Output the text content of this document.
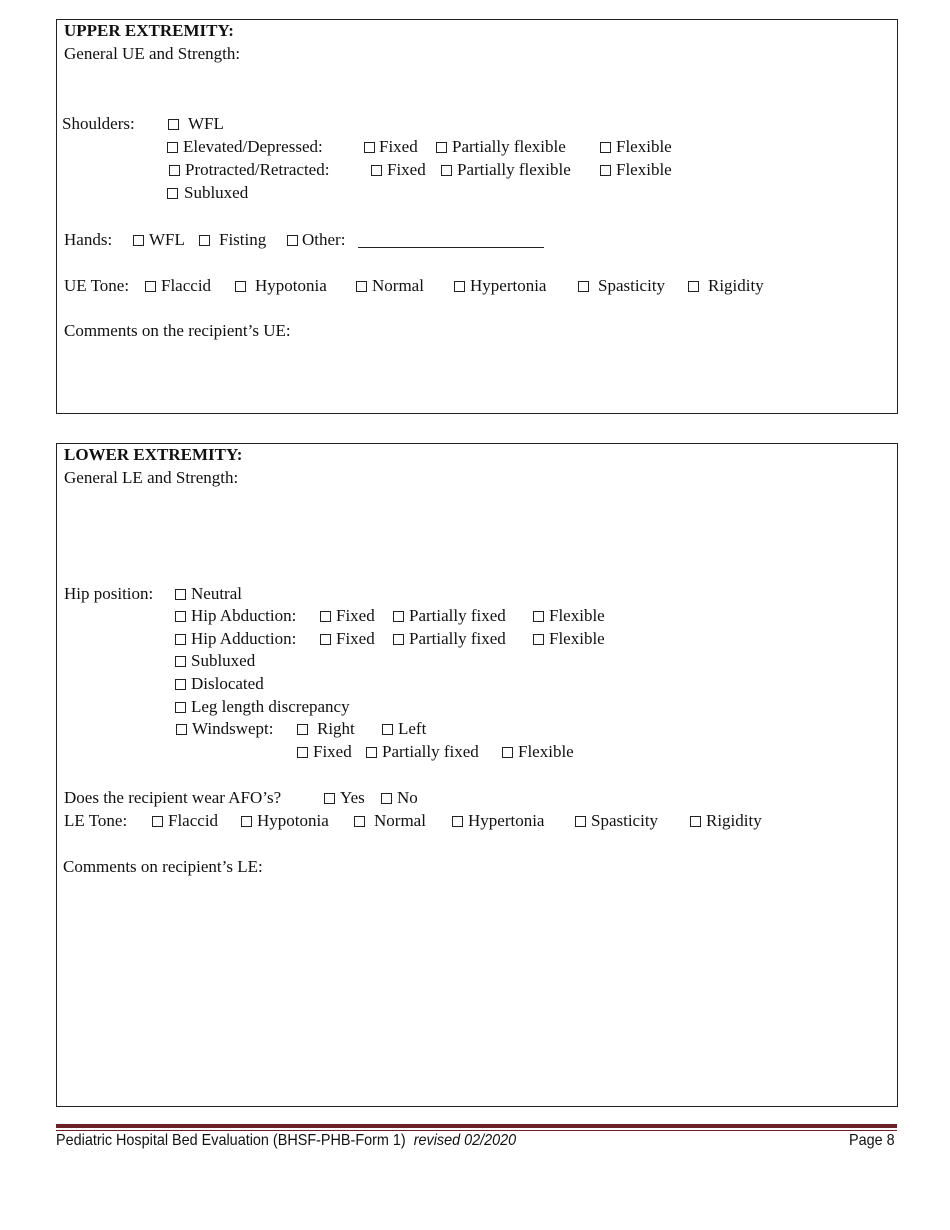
UPPER EXTREMITY:
General UE and Strength:
Shoulders:	WFL
Elevated/Depressed:	Fixed Partially flexible	Flexible
Protracted/Retracted:	Fixed Partially flexible	Flexible
Subluxed
Hands: WFL Fisting Other:
UE Tone: Flaccid	Hypotonia	Normal	Hypertonia	Spasticity	Rigidity
Comments on the recipient’s UE:
LOWER EXTREMITY:
General LE and Strength:
Hip position: Neutral
Hip Abduction: Fixed Partially fixed	Flexible
Hip Adduction: Fixed Partially fixed	Flexible
Subluxed
Dislocated
Leg length discrepancy
Windswept:	Right	Left
Fixed Partially fixed Flexible
Does the recipient wear AFO’s?	Yes No
LE Tone: Flaccid Hypotonia	Normal Hypertonia	Spasticity	Rigidity
Comments on recipient’s LE:
Pediatric Hospital Bed Evaluation (BHSF-PHB-Form 1) revised 02/2020	Page 8
